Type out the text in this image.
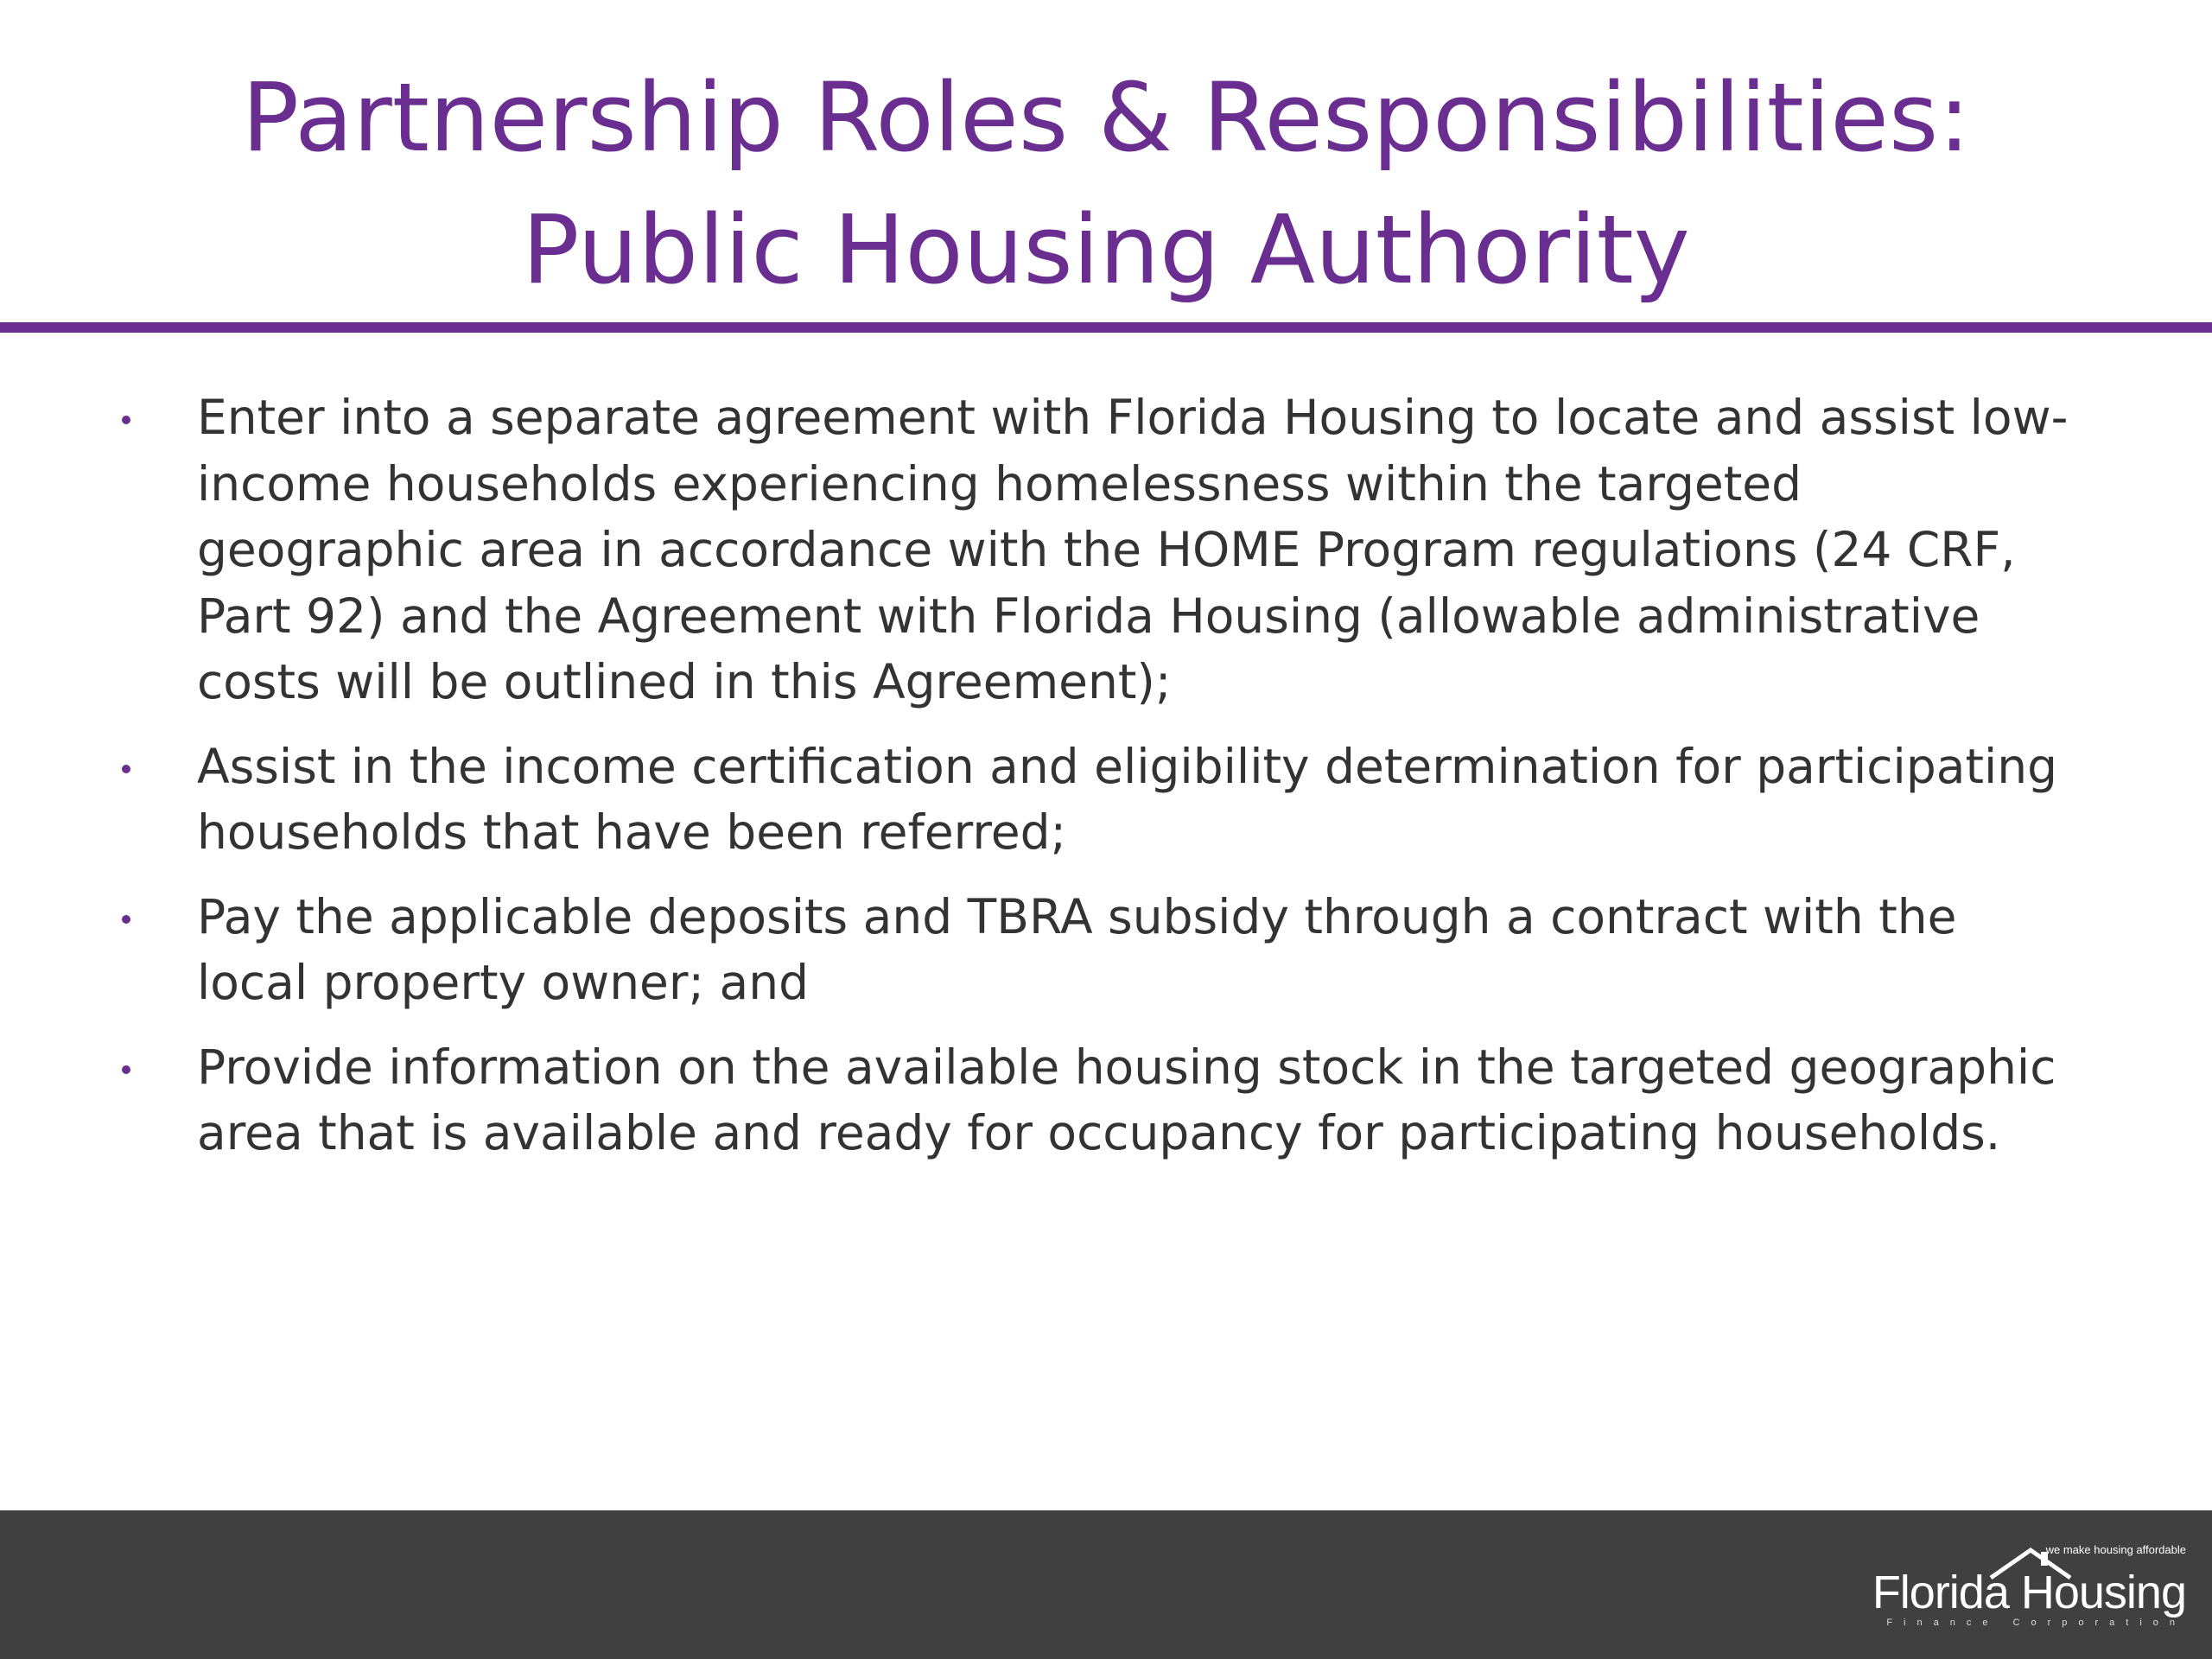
Partnership Roles & Responsibilities:
Public Housing Authority
Enter into a separate agreement with Florida Housing to locate and assist low-income households experiencing homelessness within the targeted geographic area in accordance with the HOME Program regulations (24 CRF, Part 92) and the Agreement with Florida Housing (allowable administrative costs will be outlined in this Agreement);
Assist in the income certification and eligibility determination for participating households that have been referred;
Pay the applicable deposits and TBRA subsidy through a contract with the local property owner; and
Provide information on the available housing stock in the targeted geographic area that is available and ready for occupancy for participating households.
we make housing affordable
Florida Housing
Finance Corporation
